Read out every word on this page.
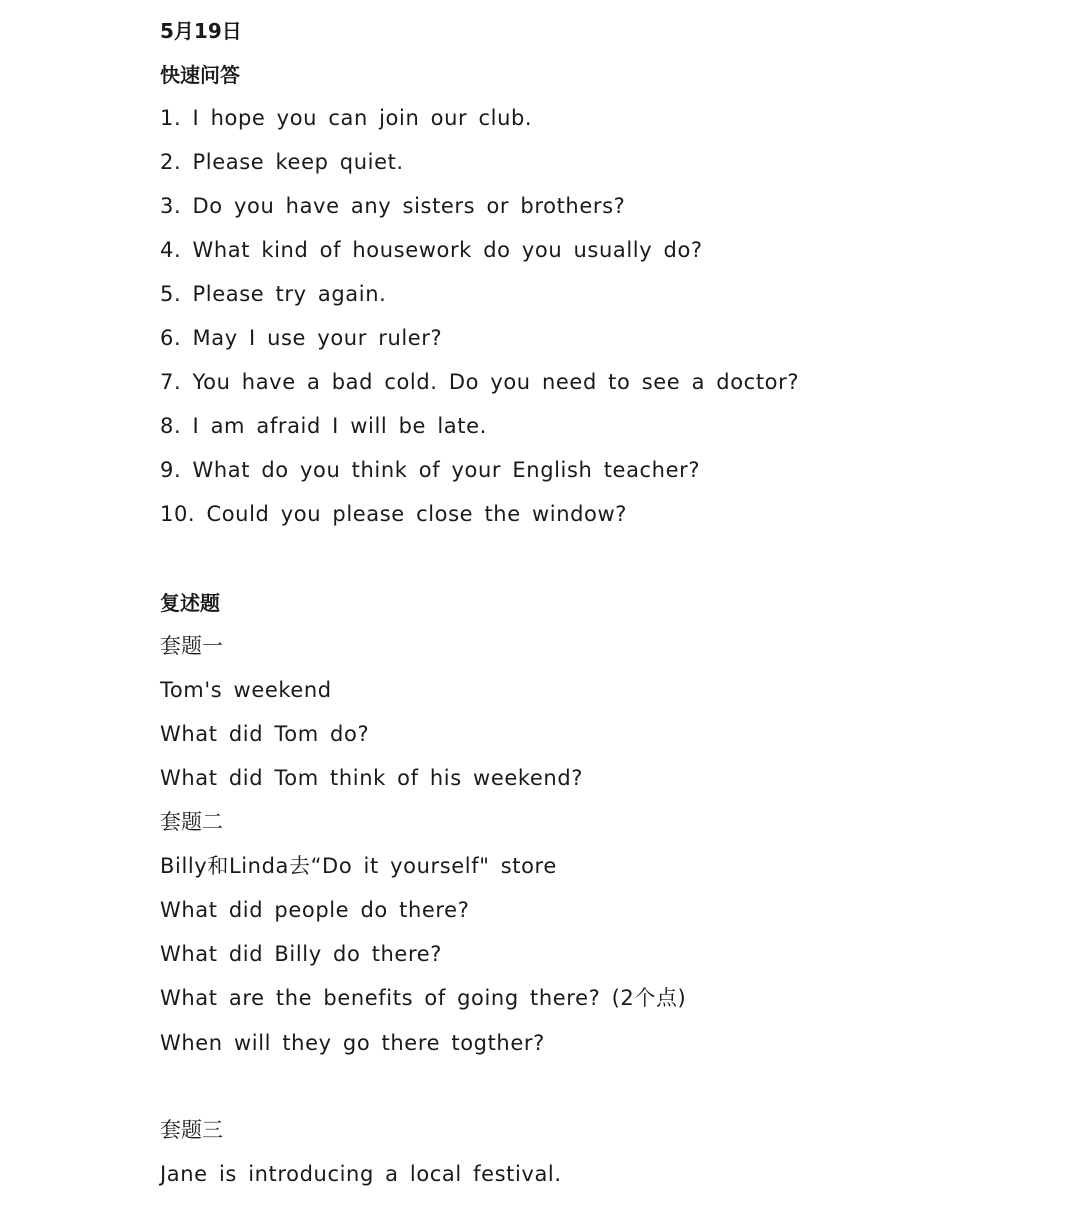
5月19日
快速问答
1. I hope you can join our club.
2. Please keep quiet.
3. Do you have any sisters or brothers?
4. What kind of housework do you usually do?
5. Please try again.
6. May I use your ruler?
7. You have a bad cold. Do you need to see a doctor?
8. I am afraid I will be late.
9. What do you think of your English teacher?
10. Could you please close the window?
复述题
套题一
Tom's weekend
What did Tom do?
What did Tom think of his weekend?
套题二
Billy和Linda去“Do it yourself" store
What did people do there?
What did Billy do there?
What are the benefits of going there? (2个点)
When will they go there togther?
套题三
Jane is introducing a local festival.
